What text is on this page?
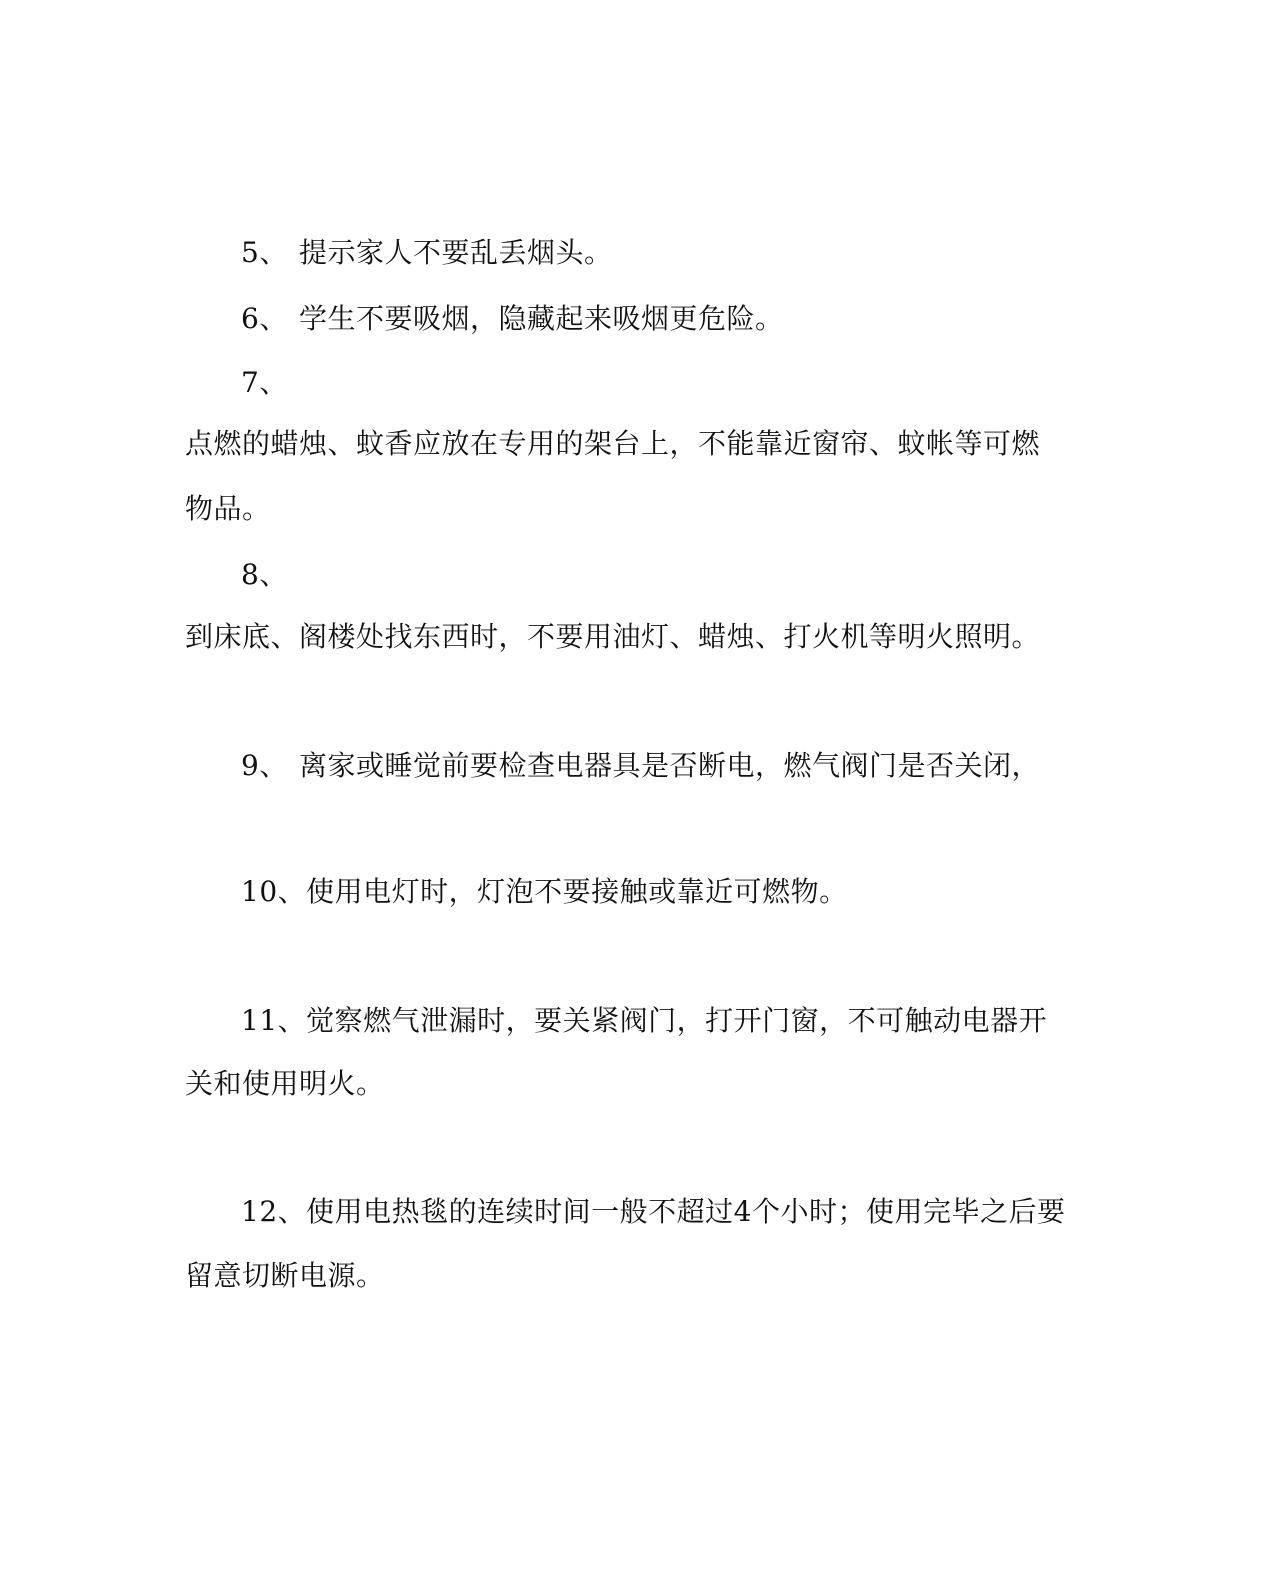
5、 提示家人不要乱丢烟头。

6、 学生不要吸烟，隐藏起来吸烟更危险。

7、

点燃的蜡烛、蚊香应放在专用的架台上，不能靠近窗帘、蚊帐等可燃

物品。

8、

到床底、阁楼处找东西时，不要用油灯、蜡烛、打火机等明火照明。

9、 离家或睡觉前要检查电器具是否断电，燃气阀门是否关闭，

10、使用电灯时，灯泡不要接触或靠近可燃物。

11、觉察燃气泄漏时，要关紧阀门，打开门窗，不可触动电器开

关和使用明火。

12、使用电热毯的连续时间一般不超过4个小时；使用完毕之后要

留意切断电源。
